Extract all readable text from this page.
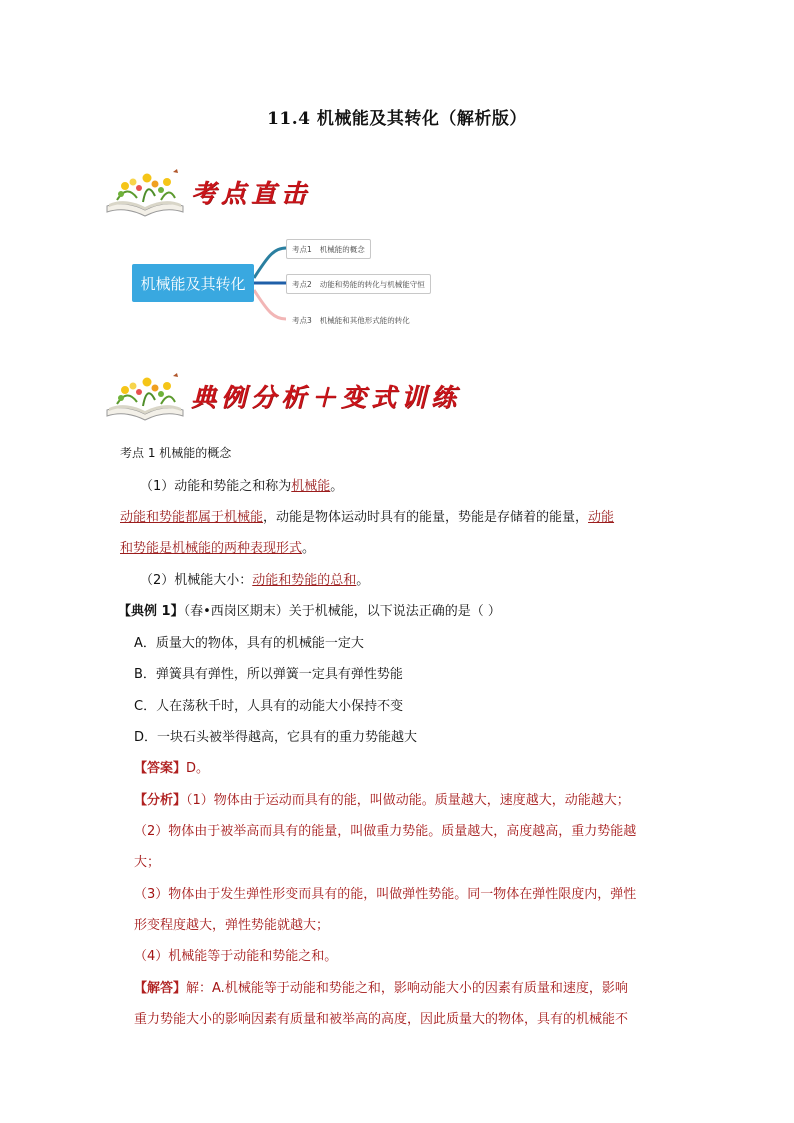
11.4 机械能及其转化（解析版）
考点直击
机械能及其转化
考点1 机械能的概念
考点2 动能和势能的转化与机械能守恒
考点3 机械能和其他形式能的转化
典例分析＋变式训练
考点 1 机械能的概念
（1）动能和势能之和称为机械能。
动能和势能都属于机械能，动能是物体运动时具有的能量，势能是存储着的能量，动能
和势能是机械能的两种表现形式。
（2）机械能大小：动能和势能的总和。
【典例 1】（春•西岗区期末）关于机械能，以下说法正确的是（ ）
A．质量大的物体，具有的机械能一定大
B．弹簧具有弹性，所以弹簧一定具有弹性势能
C．人在荡秋千时，人具有的动能大小保持不变
D．一块石头被举得越高，它具有的重力势能越大
【答案】D。
【分析】（1）物体由于运动而具有的能，叫做动能。质量越大，速度越大，动能越大；
（2）物体由于被举高而具有的能量，叫做重力势能。质量越大，高度越高，重力势能越
大；
（3）物体由于发生弹性形变而具有的能，叫做弹性势能。同一物体在弹性限度内，弹性
形变程度越大，弹性势能就越大；
（4）机械能等于动能和势能之和。
【解答】解：A.机械能等于动能和势能之和，影响动能大小的因素有质量和速度，影响
重力势能大小的影响因素有质量和被举高的高度，因此质量大的物体，具有的机械能不
